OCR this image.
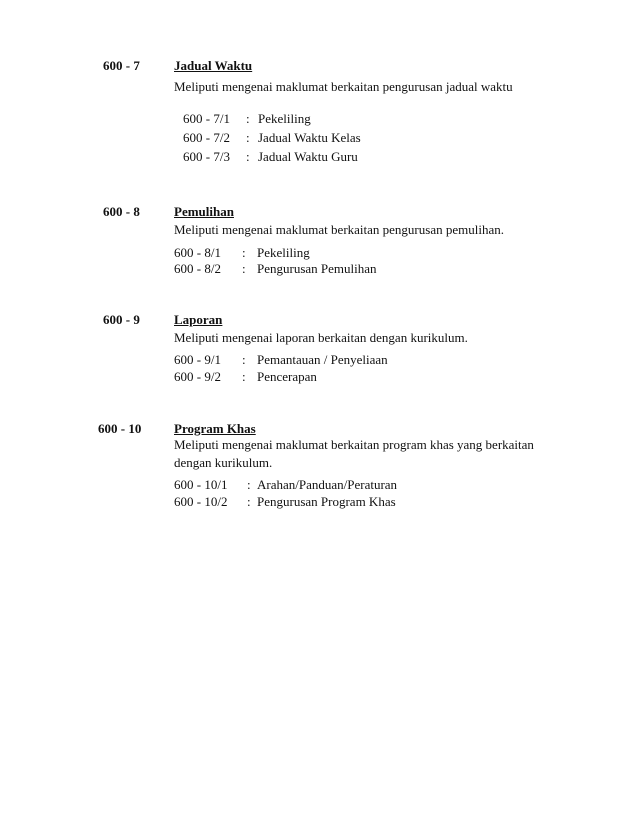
600 - 7	Jadual Waktu
Meliputi mengenai maklumat berkaitan pengurusan jadual waktu
600 - 7/1 : Pekeliling
600 - 7/2 : Jadual Waktu Kelas
600 - 7/3 : Jadual Waktu Guru
600 - 8	Pemulihan
Meliputi mengenai maklumat berkaitan pengurusan pemulihan.
600 - 8/1 : Pekeliling
600 - 8/2 : Pengurusan Pemulihan
600 - 9	Laporan
Meliputi mengenai laporan berkaitan dengan kurikulum.
600 - 9/1 : Pemantauan / Penyeliaan
600 - 9/2 : Pencerapan
600 - 10	Program Khas
Meliputi mengenai maklumat berkaitan program khas yang berkaitan dengan kurikulum.
600 - 10/1 : Arahan/Panduan/Peraturan
600 - 10/2 : Pengurusan Program Khas
